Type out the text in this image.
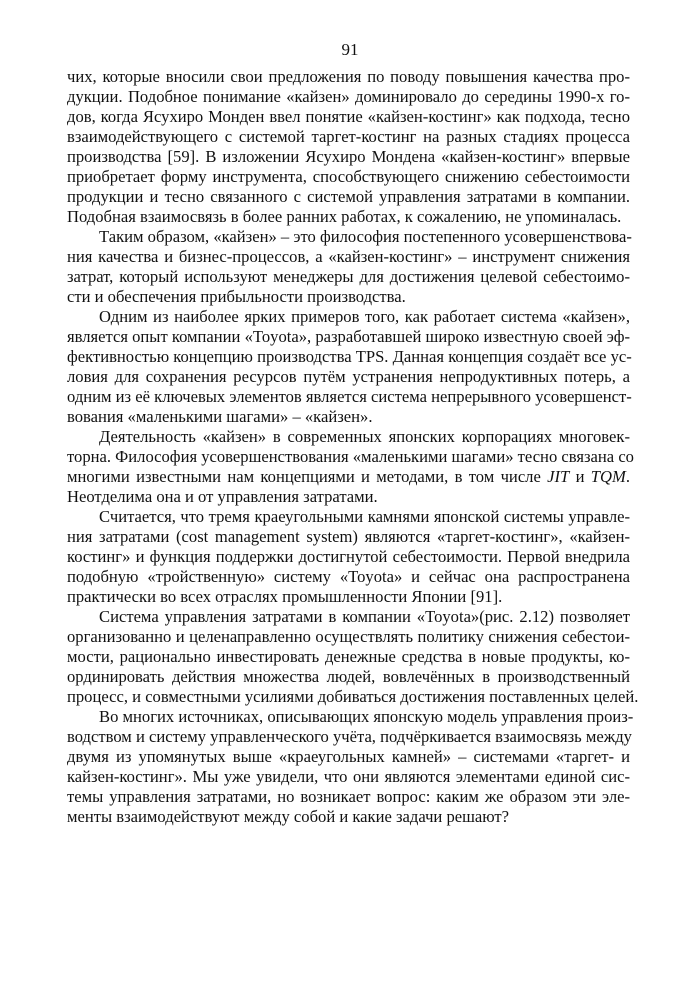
91
чих, которые вносили свои предложения по поводу повышения качества про-
дукции. Подобное понимание «кайзен» доминировало до середины 1990-х го-
дов, когда Ясухиро Монден ввел понятие «кайзен-костинг» как подхода, тесно
взаимодействующего с системой таргет-костинг на разных стадиях процесса
производства [59]. В изложении Ясухиро Мондена «кайзен-костинг» впервые
приобретает форму инструмента, способствующего снижению себестоимости
продукции и тесно связанного с системой управления затратами в компании.
Подобная взаимосвязь в более ранних работах, к сожалению, не упоминалась.
Таким образом, «кайзен» – это философия постепенного усовершенствова-
ния качества и бизнес-процессов, а «кайзен-костинг» – инструмент снижения
затрат, который используют менеджеры для достижения целевой себестоимо-
сти и обеспечения прибыльности производства.
Одним из наиболее ярких примеров того, как работает система «кайзен»,
является опыт компании «Toyota», разработавшей широко известную своей эф-
фективностью концепцию производства TPS. Данная концепция создаёт все ус-
ловия для сохранения ресурсов путём устранения непродуктивных потерь, а
одним из её ключевых элементов является система непрерывного усовершенст-
вования «маленькими шагами» – «кайзен».
Деятельность «кайзен» в современных японских корпорациях многовек-
торна. Философия усовершенствования «маленькими шагами» тесно связана со
многими известными нам концепциями и методами, в том числе JIT и TQM.
Неотделима она и от управления затратами.
Считается, что тремя краеугольными камнями японской системы управле-
ния затратами (cost management system) являются «таргет-костинг», «кайзен-
костинг» и функция поддержки достигнутой себестоимости. Первой внедрила
подобную «тройственную» систему «Toyota» и сейчас она распространена
практически во всех отраслях промышленности Японии [91].
Система управления затратами в компании «Toyota»(рис. 2.12) позволяет
организованно и целенаправленно осуществлять политику снижения себестои-
мости, рационально инвестировать денежные средства в новые продукты, ко-
ординировать действия множества людей, вовлечённых в производственный
процесс, и совместными усилиями добиваться достижения поставленных целей.
Во многих источниках, описывающих японскую модель управления произ-
водством и систему управленческого учёта, подчёркивается взаимосвязь между
двумя из упомянутых выше «краеугольных камней» – системами «таргет- и
кайзен-костинг». Мы уже увидели, что они являются элементами единой сис-
темы управления затратами, но возникает вопрос: каким же образом эти эле-
менты взаимодействуют между собой и какие задачи решают?
